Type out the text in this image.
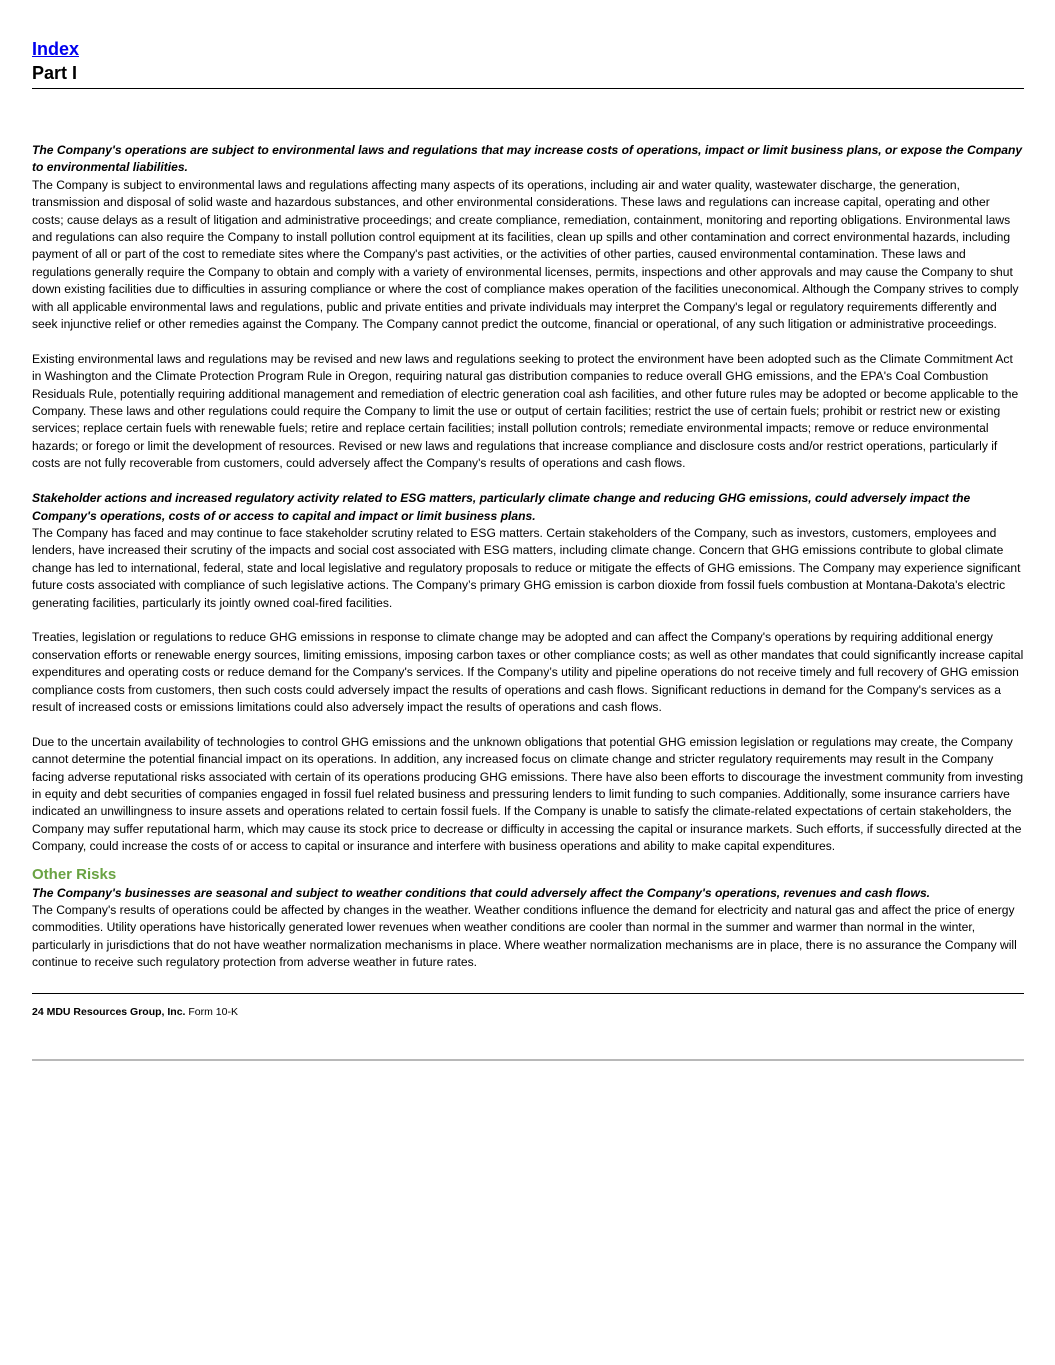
Index
Part I

The Company's operations are subject to environmental laws and regulations that may increase costs of operations, impact or limit business plans, or expose the Company to environmental liabilities.

The Company is subject to environmental laws and regulations affecting many aspects of its operations, including air and water quality, wastewater discharge, the generation, transmission and disposal of solid waste and hazardous substances, and other environmental considerations. These laws and regulations can increase capital, operating and other costs; cause delays as a result of litigation and administrative proceedings; and create compliance, remediation, containment, monitoring and reporting obligations. Environmental laws and regulations can also require the Company to install pollution control equipment at its facilities, clean up spills and other contamination and correct environmental hazards, including payment of all or part of the cost to remediate sites where the Company's past activities, or the activities of other parties, caused environmental contamination. These laws and regulations generally require the Company to obtain and comply with a variety of environmental licenses, permits, inspections and other approvals and may cause the Company to shut down existing facilities due to difficulties in assuring compliance or where the cost of compliance makes operation of the facilities uneconomical. Although the Company strives to comply with all applicable environmental laws and regulations, public and private entities and private individuals may interpret the Company's legal or regulatory requirements differently and seek injunctive relief or other remedies against the Company. The Company cannot predict the outcome, financial or operational, of any such litigation or administrative proceedings.

Existing environmental laws and regulations may be revised and new laws and regulations seeking to protect the environment have been adopted such as the Climate Commitment Act in Washington and the Climate Protection Program Rule in Oregon, requiring natural gas distribution companies to reduce overall GHG emissions, and the EPA's Coal Combustion Residuals Rule, potentially requiring additional management and remediation of electric generation coal ash facilities, and other future rules may be adopted or become applicable to the Company. These laws and other regulations could require the Company to limit the use or output of certain facilities; restrict the use of certain fuels; prohibit or restrict new or existing services; replace certain fuels with renewable fuels; retire and replace certain facilities; install pollution controls; remediate environmental impacts; remove or reduce environmental hazards; or forego or limit the development of resources. Revised or new laws and regulations that increase compliance and disclosure costs and/or restrict operations, particularly if costs are not fully recoverable from customers, could adversely affect the Company's results of operations and cash flows.

Stakeholder actions and increased regulatory activity related to ESG matters, particularly climate change and reducing GHG emissions, could adversely impact the Company's operations, costs of or access to capital and impact or limit business plans.

The Company has faced and may continue to face stakeholder scrutiny related to ESG matters. Certain stakeholders of the Company, such as investors, customers, employees and lenders, have increased their scrutiny of the impacts and social cost associated with ESG matters, including climate change. Concern that GHG emissions contribute to global climate change has led to international, federal, state and local legislative and regulatory proposals to reduce or mitigate the effects of GHG emissions. The Company may experience significant future costs associated with compliance of such legislative actions. The Company’s primary GHG emission is carbon dioxide from fossil fuels combustion at Montana-Dakota's electric generating facilities, particularly its jointly owned coal-fired facilities.

Treaties, legislation or regulations to reduce GHG emissions in response to climate change may be adopted and can affect the Company's operations by requiring additional energy conservation efforts or renewable energy sources, limiting emissions, imposing carbon taxes or other compliance costs; as well as other mandates that could significantly increase capital expenditures and operating costs or reduce demand for the Company's services. If the Company’s utility and pipeline operations do not receive timely and full recovery of GHG emission compliance costs from customers, then such costs could adversely impact the results of operations and cash flows. Significant reductions in demand for the Company's services as a result of increased costs or emissions limitations could also adversely impact the results of operations and cash flows.

Due to the uncertain availability of technologies to control GHG emissions and the unknown obligations that potential GHG emission legislation or regulations may create, the Company cannot determine the potential financial impact on its operations. In addition, any increased focus on climate change and stricter regulatory requirements may result in the Company facing adverse reputational risks associated with certain of its operations producing GHG emissions. There have also been efforts to discourage the investment community from investing in equity and debt securities of companies engaged in fossil fuel related business and pressuring lenders to limit funding to such companies. Additionally, some insurance carriers have indicated an unwillingness to insure assets and operations related to certain fossil fuels. If the Company is unable to satisfy the climate-related expectations of certain stakeholders, the Company may suffer reputational harm, which may cause its stock price to decrease or difficulty in accessing the capital or insurance markets. Such efforts, if successfully directed at the Company, could increase the costs of or access to capital or insurance and interfere with business operations and ability to make capital expenditures.

Other Risks

The Company's businesses are seasonal and subject to weather conditions that could adversely affect the Company's operations, revenues and cash flows.

The Company's results of operations could be affected by changes in the weather. Weather conditions influence the demand for electricity and natural gas and affect the price of energy commodities. Utility operations have historically generated lower revenues when weather conditions are cooler than normal in the summer and warmer than normal in the winter, particularly in jurisdictions that do not have weather normalization mechanisms in place. Where weather normalization mechanisms are in place, there is no assurance the Company will continue to receive such regulatory protection from adverse weather in future rates.

24 MDU Resources Group, Inc. Form 10-K
